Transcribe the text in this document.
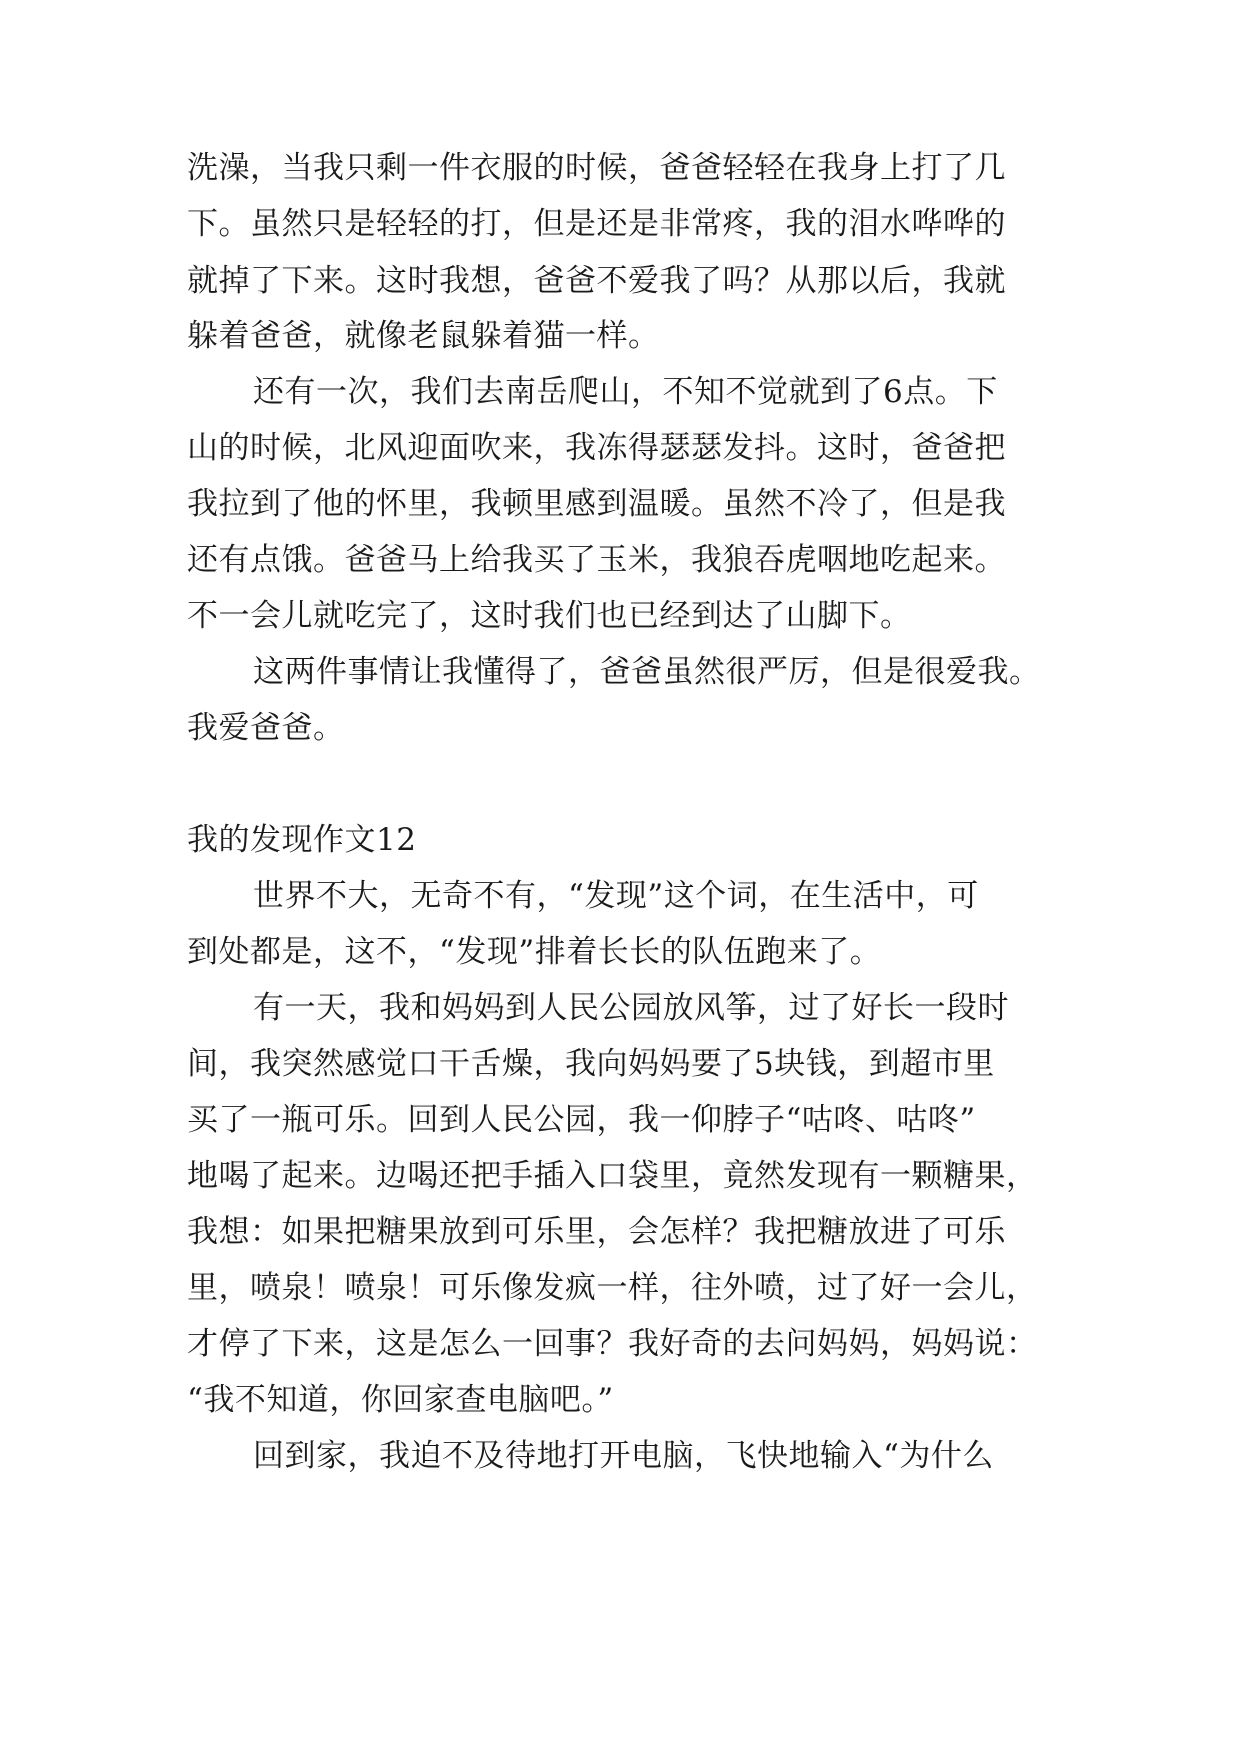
洗澡，当我只剩一件衣服的时候，爸爸轻轻在我身上打了几
下。虽然只是轻轻的打，但是还是非常疼，我的泪水哗哗的
就掉了下来。这时我想，爸爸不爱我了吗？从那以后，我就
躲着爸爸，就像老鼠躲着猫一样。
还有一次，我们去南岳爬山，不知不觉就到了6点。下
山的时候，北风迎面吹来，我冻得瑟瑟发抖。这时，爸爸把
我拉到了他的怀里，我顿里感到温暖。虽然不冷了，但是我
还有点饿。爸爸马上给我买了玉米，我狼吞虎咽地吃起来。
不一会儿就吃完了，这时我们也已经到达了山脚下。
这两件事情让我懂得了，爸爸虽然很严厉，但是很爱我。
我爱爸爸。
我的发现作文12
世界不大，无奇不有，“发现”这个词，在生活中，可
到处都是，这不，“发现”排着长长的队伍跑来了。
有一天，我和妈妈到人民公园放风筝，过了好长一段时
间，我突然感觉口干舌燥，我向妈妈要了5块钱，到超市里
买了一瓶可乐。回到人民公园，我一仰脖子“咕咚、咕咚”
地喝了起来。边喝还把手插入口袋里，竟然发现有一颗糖果，
我想：如果把糖果放到可乐里，会怎样？我把糖放进了可乐
里，喷泉！喷泉！可乐像发疯一样，往外喷，过了好一会儿，
才停了下来，这是怎么一回事？我好奇的去问妈妈，妈妈说：
“我不知道，你回家查电脑吧。”
回到家，我迫不及待地打开电脑，飞快地输入“为什么
